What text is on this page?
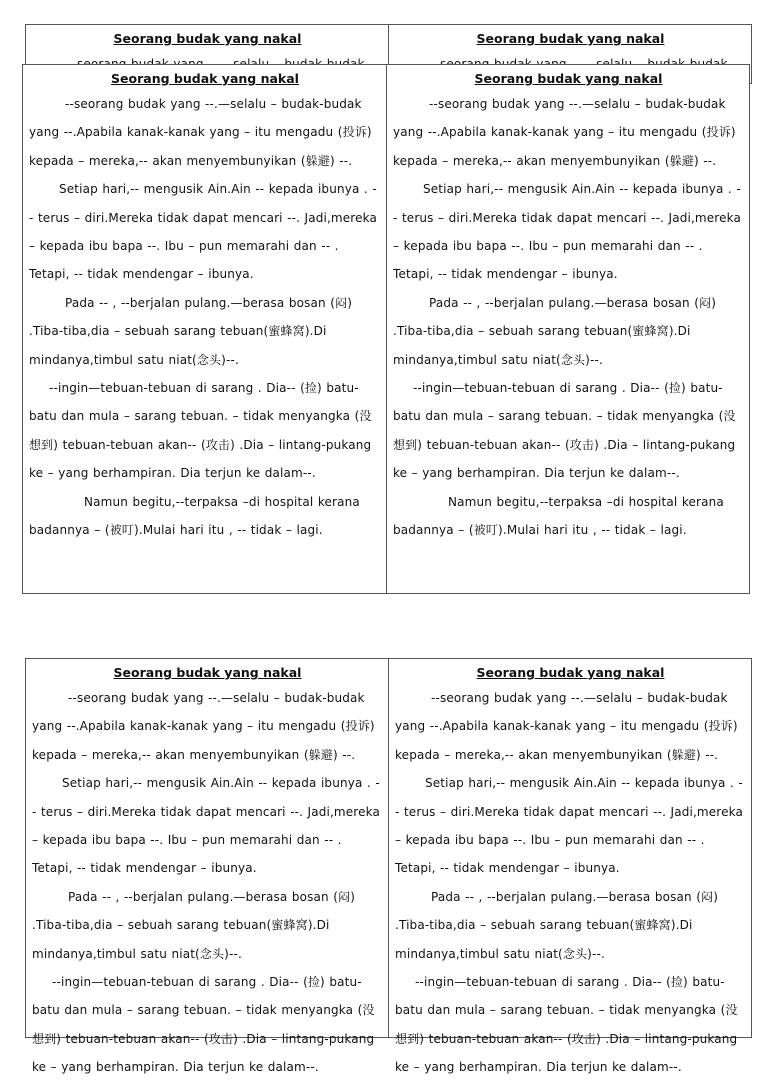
Seorang budak yang nakal	Seorang budak yang nakal

Seorang budak yang nakal

--seorang budak yang --.—selalu – budak-budak yang --.Apabila kanak-kanak yang – itu mengadu (投诉) kepada – mereka,-- akan menyembunyikan (躲避) --.

Setiap hari,-- mengusik Ain.Ain -- kepada ibunya . -- terus – diri.Mereka tidak dapat mencari --. Jadi,mereka – kepada ibu bapa --. Ibu – pun memarahi dan -- . Tetapi, -- tidak mendengar – ibunya.

Pada -- , --berjalan pulang.—berasa bosan (闷) .Tiba-tiba,dia – sebuah sarang tebuan(蜜蜂窝).Di mindanya,timbul satu niat(念头)--.

--ingin—tebuan-tebuan di sarang . Dia-- (捡) batu-batu dan mula – sarang tebuan. – tidak menyangka (没想到) tebuan-tebuan akan-- (攻击) .Dia – lintang-pukang ke – yang berhampiran. Dia terjun ke dalam--.

Namun begitu,--terpaksa –di hospital kerana badannya – (被叮).Mulai hari itu , -- tidak – lagi.

Seorang budak yang nakal

--seorang budak yang --.—selalu – budak-budak yang --.Apabila kanak-kanak yang – itu mengadu (投诉) kepada – mereka,-- akan menyembunyikan (躲避) --.

Setiap hari,-- mengusik Ain.Ain -- kepada ibunya . -- terus – diri.Mereka tidak dapat mencari --. Jadi,mereka – kepada ibu bapa --. Ibu – pun memarahi dan -- . Tetapi, -- tidak mendengar – ibunya.

Pada -- , --berjalan pulang.—berasa bosan (闷) .Tiba-tiba,dia – sebuah sarang tebuan(蜜蜂窝).Di mindanya,timbul satu niat(念头)--.

--ingin—tebuan-tebuan di sarang . Dia-- (捡) batu-batu dan mula – sarang tebuan. – tidak menyangka (没想到) tebuan-tebuan akan-- (攻击) .Dia – lintang-pukang ke – yang berhampiran. Dia terjun ke dalam--.

Namun begitu,--terpaksa –di hospital kerana badannya – (被叮).Mulai hari itu , -- tidak – lagi.

Seorang budak yang nakal

--seorang budak yang --.—selalu – budak-budak yang --.Apabila kanak-kanak yang – itu mengadu (投诉) kepada – mereka,-- akan menyembunyikan (躲避) --.

Setiap hari,-- mengusik Ain.Ain -- kepada ibunya . -- terus – diri.Mereka tidak dapat mencari --. Jadi,mereka – kepada ibu bapa --. Ibu – pun memarahi dan -- . Tetapi, -- tidak mendengar – ibunya.

Pada -- , --berjalan pulang.—berasa bosan (闷) .Tiba-tiba,dia – sebuah sarang tebuan(蜜蜂窝).Di mindanya,timbul satu niat(念头)--.

--ingin—tebuan-tebuan di sarang . Dia-- (捡) batu-batu dan mula – sarang tebuan. – tidak menyangka (没想到) tebuan-tebuan akan-- (攻击) .Dia – lintang-pukang ke – yang berhampiran. Dia terjun ke dalam--.

Seorang budak yang nakal

--seorang budak yang --.—selalu – budak-budak yang --.Apabila kanak-kanak yang – itu mengadu (投诉) kepada – mereka,-- akan menyembunyikan (躲避) --.

Setiap hari,-- mengusik Ain.Ain -- kepada ibunya . -- terus – diri.Mereka tidak dapat mencari --. Jadi,mereka – kepada ibu bapa --. Ibu – pun memarahi dan -- . Tetapi, -- tidak mendengar – ibunya.

Pada -- , --berjalan pulang.—berasa bosan (闷) .Tiba-tiba,dia – sebuah sarang tebuan(蜜蜂窝).Di mindanya,timbul satu niat(念头)--.

--ingin—tebuan-tebuan di sarang . Dia-- (捡) batu-batu dan mula – sarang tebuan. – tidak menyangka (没想到) tebuan-tebuan akan-- (攻击) .Dia – lintang-pukang ke – yang berhampiran. Dia terjun ke dalam--.
